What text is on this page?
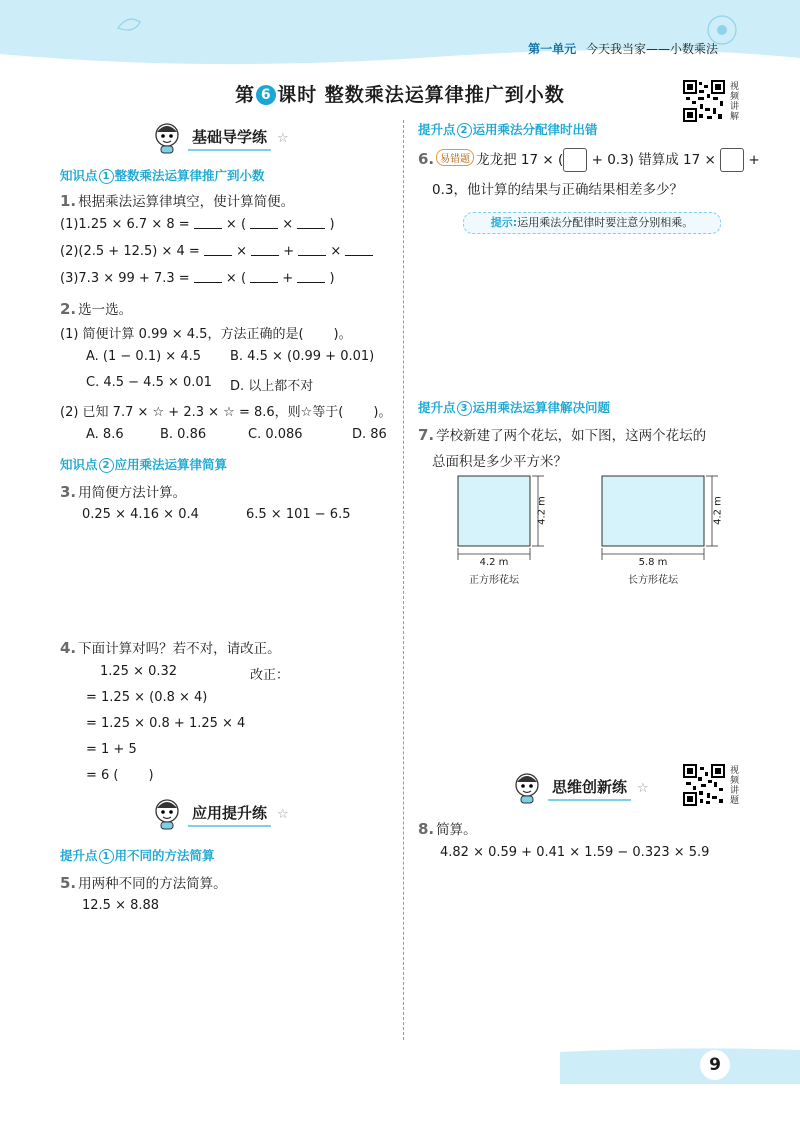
第一单元 今天我当家——小数乘法
第 6 课时 整数乘法运算律推广到小数	视频讲解
基础导学练 ☆
知识点 1 整数乘法运算律推广到小数
1. 根据乘法运算律填空，使计算简便。
(1)1.25 × 6.7 × 8 =  × (  ×  )
(2)(2.5 + 12.5) × 4 =  ×  +  ×
(3)7.3 × 99 + 7.3 =  × (  +  )
2. 选一选。
(1) 简便计算 0.99 × 4.5，方法正确的是( )。
A. (1 − 0.1) × 4.5 B. 4.5 × (0.99 + 0.01)
C. 4.5 − 4.5 × 0.01 D. 以上都不对
(2) 已知 7.7 × ☆ + 2.3 × ☆ = 8.6，则☆等于( )。
A. 8.6	B. 0.86	C. 0.086	D. 86
知识点 2 应用乘法运算律简算
3. 用简便方法计算。
0.25 × 4.16 × 0.4	6.5 × 101 − 6.5
4. 下面计算对吗？若不对，请改正。
1.25 × 0.32	改正：
= 1.25 × (0.8 × 4)
= 1.25 × 0.8 + 1.25 × 4
= 1 + 5
= 6 ( )
应用提升练 ☆
提升点 1 用不同的方法简算
5. 用两种不同的方法简算。
12.5 × 8.88
提升点 2 运用乘法分配律时出错
6. 易错题 龙龙把 17 × ( + 0.3) 错算成 17 × +
0.3，他计算的结果与正确结果相差多少？
提示:运用乘法分配律时要注意分别相乘。
提升点 3 运用乘法运算律解决问题
7. 学校新建了两个花坛，如下图，这两个花坛的
总面积是多少平方米？
4.2 m
4.2 m
正方形花坛
5.8 m
4.2 m
长方形花坛
思维创新练 ☆
视频讲题
8. 简算。
4.82 × 0.59 + 0.41 × 1.59 − 0.323 × 5.9
9
